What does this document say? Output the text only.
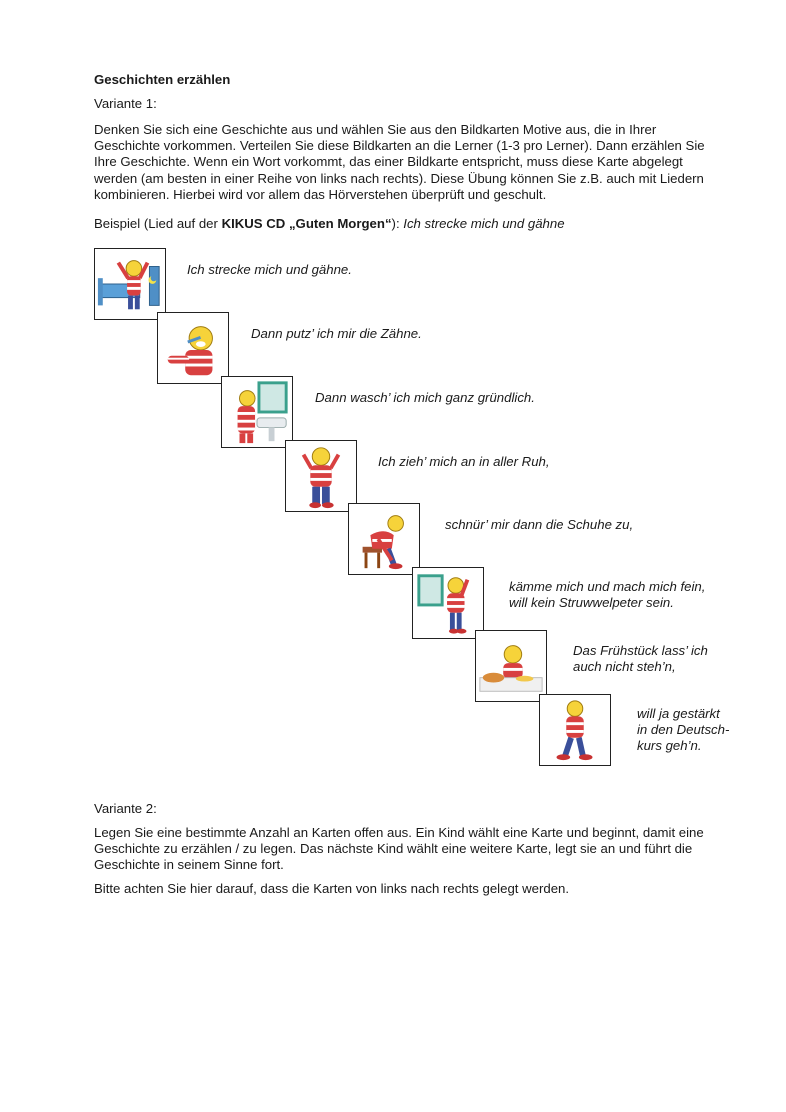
Geschichten erzählen
Variante 1:
Denken Sie sich eine Geschichte aus und wählen Sie aus den Bildkarten Motive aus, die in Ihrer
Geschichte vorkommen. Verteilen Sie diese Bildkarten an die Lerner (1-3 pro Lerner). Dann erzählen Sie
Ihre Geschichte. Wenn ein Wort vorkommt, das einer Bildkarte entspricht, muss diese Karte abgelegt
werden (am besten in einer Reihe von links nach rechts). Diese Übung können Sie z.B. auch mit Liedern
kombinieren. Hierbei wird vor allem das Hörverstehen überprüft und geschult.
Beispiel (Lied auf der KIKUS CD „Guten Morgen“): Ich strecke mich und gähne
Ich strecke mich und gähne.
Dann putz’ ich mir die Zähne.
Dann wasch’ ich mich ganz gründlich.
Ich zieh’ mich an in aller Ruh,
schnür’ mir dann die Schuhe zu,
kämme mich und mach mich fein,
will kein Struwwelpeter sein.
Das Frühstück lass’ ich
auch nicht steh’n,
will ja gestärkt
in den Deutsch-
kurs geh’n.
Variante 2:
Legen Sie eine bestimmte Anzahl an Karten offen aus. Ein Kind wählt eine Karte und beginnt, damit eine
Geschichte zu erzählen / zu legen. Das nächste Kind wählt eine weitere Karte, legt sie an und führt die
Geschichte in seinem Sinne fort.
Bitte achten Sie hier darauf, dass die Karten von links nach rechts gelegt werden.
